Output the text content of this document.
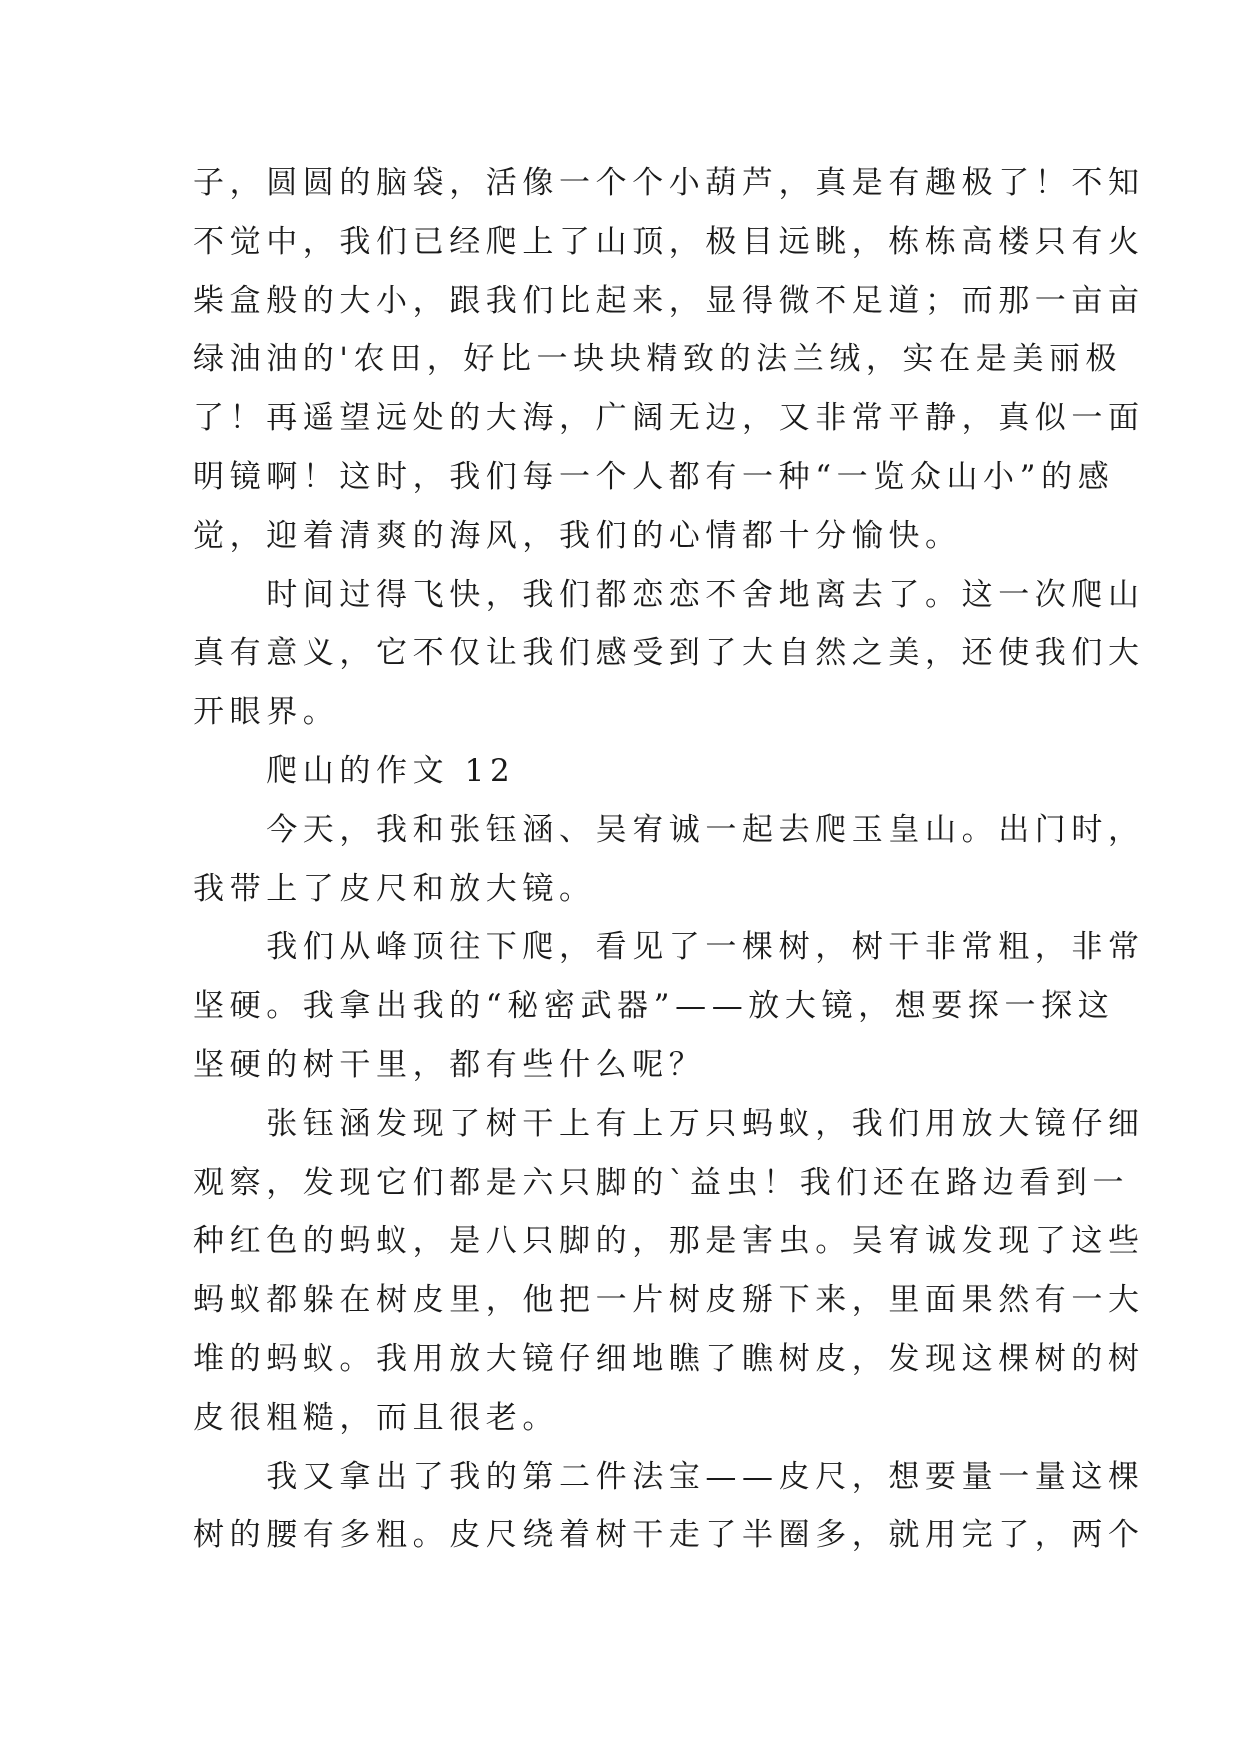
子，圆圆的脑袋，活像一个个小葫芦，真是有趣极了！不知
不觉中，我们已经爬上了山顶，极目远眺，栋栋高楼只有火
柴盒般的大小，跟我们比起来，显得微不足道；而那一亩亩
绿油油的'农田，好比一块块精致的法兰绒，实在是美丽极
了！再遥望远处的大海，广阔无边，又非常平静，真似一面
明镜啊！这时，我们每一个人都有一种“一览众山小”的感
觉，迎着清爽的海风，我们的心情都十分愉快。
　　时间过得飞快，我们都恋恋不舍地离去了。这一次爬山
真有意义，它不仅让我们感受到了大自然之美，还使我们大
开眼界。
　　爬山的作文 12
　　今天，我和张钰涵、吴宥诚一起去爬玉皇山。出门时，
我带上了皮尺和放大镜。
　　我们从峰顶往下爬，看见了一棵树，树干非常粗，非常
坚硬。我拿出我的“秘密武器”——放大镜，想要探一探这
坚硬的树干里，都有些什么呢？
　　张钰涵发现了树干上有上万只蚂蚁，我们用放大镜仔细
观察，发现它们都是六只脚的`益虫！我们还在路边看到一
种红色的蚂蚁，是八只脚的，那是害虫。吴宥诚发现了这些
蚂蚁都躲在树皮里，他把一片树皮掰下来，里面果然有一大
堆的蚂蚁。我用放大镜仔细地瞧了瞧树皮，发现这棵树的树
皮很粗糙，而且很老。
　　我又拿出了我的第二件法宝——皮尺，想要量一量这棵
树的腰有多粗。皮尺绕着树干走了半圈多，就用完了，两个
